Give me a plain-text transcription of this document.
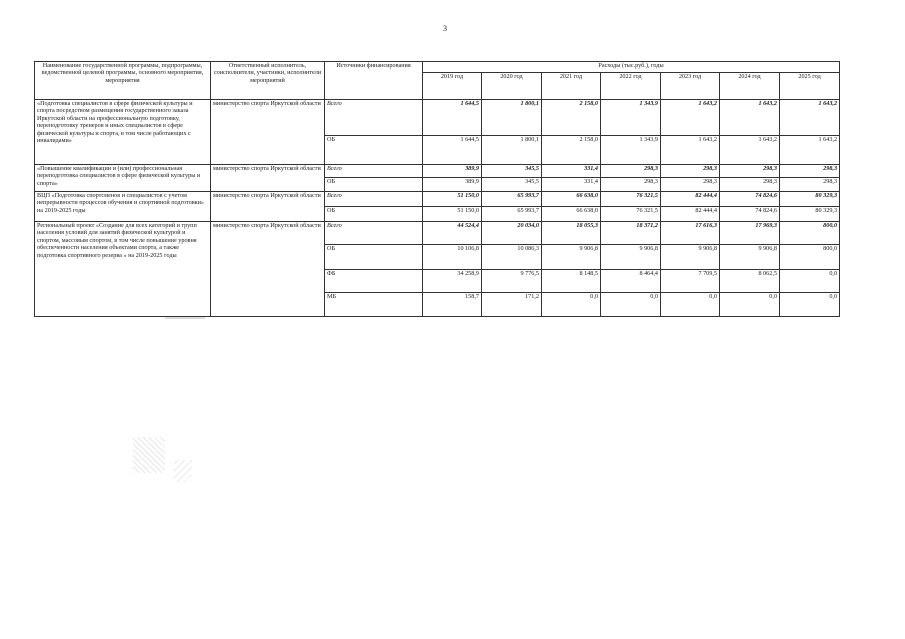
3
Наименование государственной программы, подпрограммы, ведомственной целевой программы, основного мероприятия, мероприятия	Ответственный исполнитель, соисполнители, участники, исполнители мероприятий	Источники финансирования	Расходы (тыс.руб.), годы						
			2019 год	2020 год	2021 год	2022 год	2023 год	2024 год	2025 год
«Подготовка специалистов в сфере физической культуры и спорта посредством размещения государственного заказа Иркутской области на профессиональную подготовку, переподготовку тренеров и иных специалистов в сфере физической культуры и спорта, в том числе работающих с инвалидами»	министерство спорта Иркутской области	Всего	1 644,5	1 800,1	2 158,0	1 343,9	1 643,2	1 643,2	1 643,2
		ОБ	1 644,5	1 800,1	2 158,0	1 343,9	1 643,2	1 643,2	1 643,2
«Повышение квалификации и (или) профессиональная переподготовка специалистов в сфере физической культуры и спорта»	министерство спорта Иркутской области	Всего	389,9	345,5	331,4	298,3	298,3	298,3	298,3
		ОБ	389,9	345,5	331,4	298,3	298,3	298,3	298,3
ВЦП «Подготовка спортсменов и специалистов с учетом непрерывности процессов обучения и спортивной подготовки» на 2019-2025 годы	министерство спорта Иркутской области	Всего	51 150,0	65 993,7	66 638,0	76 321,5	82 444,4	74 824,6	80 329,3
		ОБ	51 150,0	65 993,7	66 638,0	76 321,5	82 444,4	74 824,6	80 329,3
Региональный проект «Создание для всех категорий и групп населения условий для занятий физической культурой и спортом, массовым спортом, в том числе повышение уровня обеспеченности населения объектами спорта, а также подготовка спортивного резерва » на 2019-2025 годы	министерство спорта Иркутской области	Всего	44 524,4	20 034,0	18 055,3	18 371,2	17 616,3	17 969,3	800,0
		ОБ	10 106,8	10 086,3	9 906,8	9 906,8	9 906,8	9 906,8	800,0
		ФБ	34 258,9	9 776,5	8 148,5	8 464,4	7 709,5	8 062,5	0,0
		МБ	158,7	171,2	0,0	0,0	0,0	0,0	0,0
